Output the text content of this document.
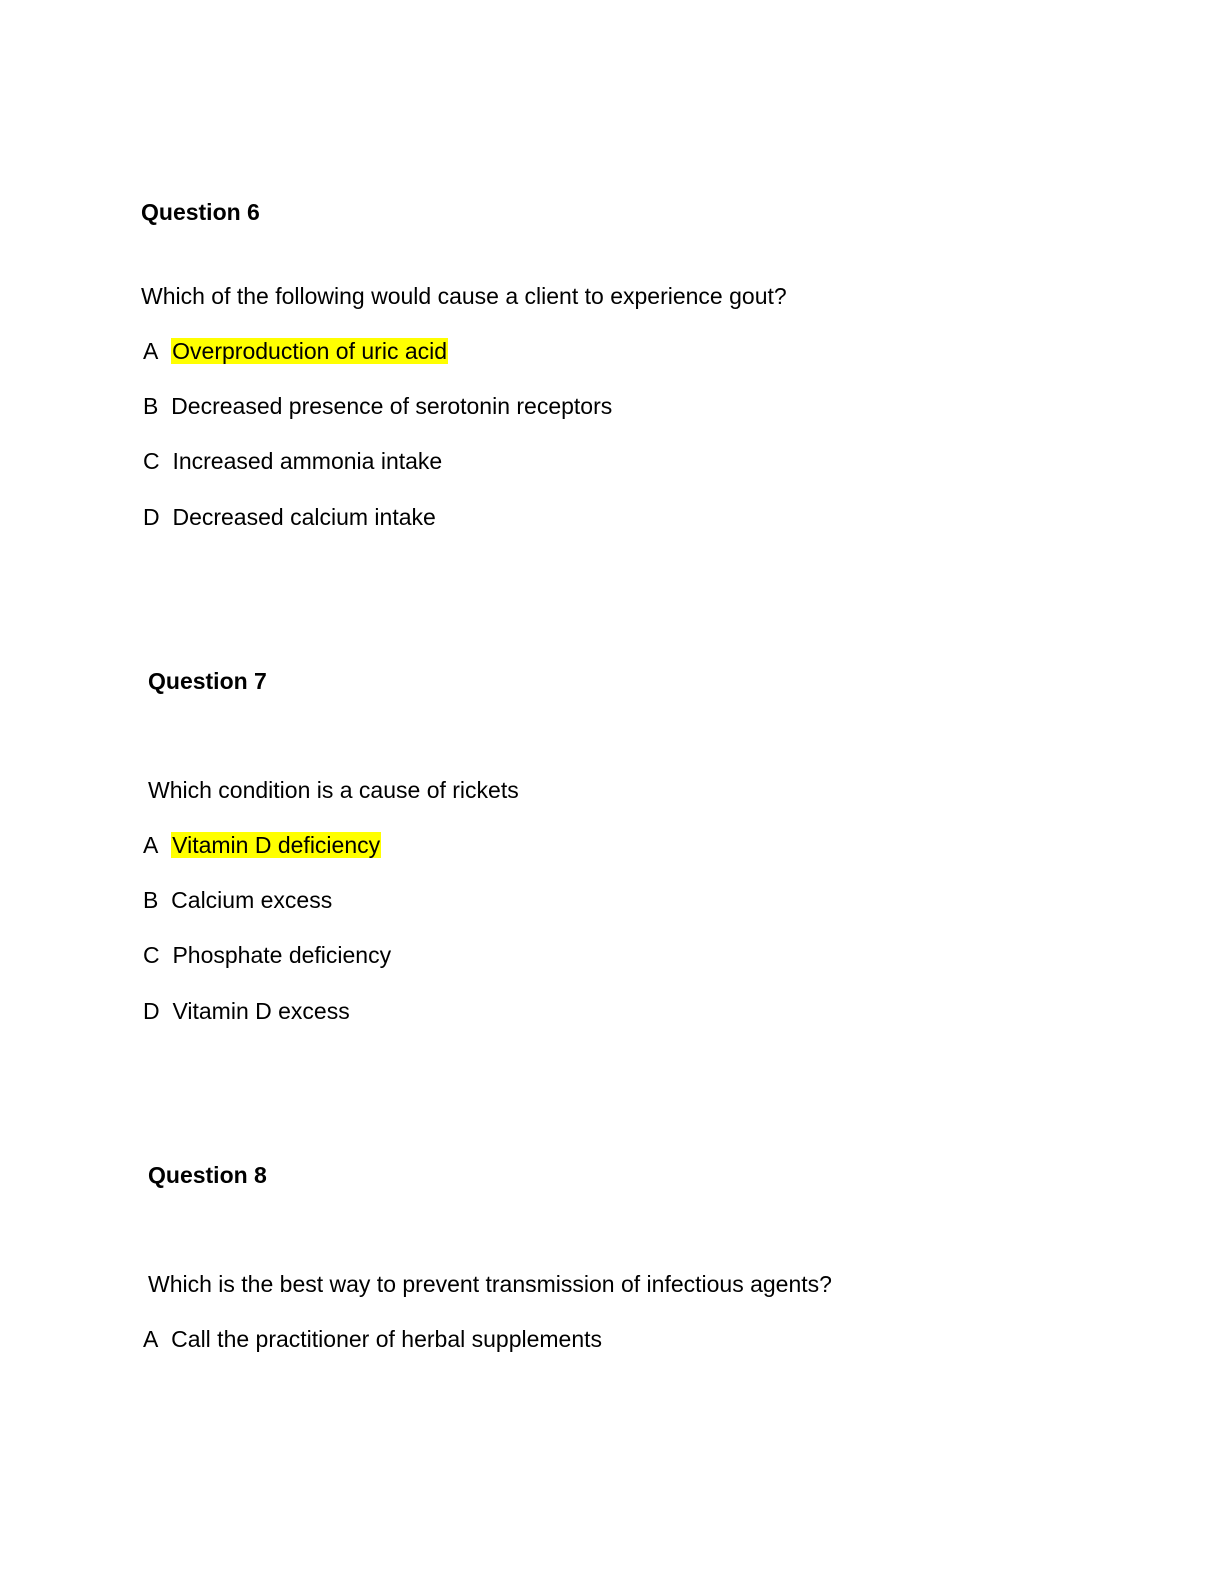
Question 6
Which of the following would cause a client to experience gout?
A Overproduction of uric acid
B Decreased presence of serotonin receptors
C Increased ammonia intake
D Decreased calcium intake
Question 7
Which condition is a cause of rickets
A Vitamin D deficiency
B Calcium excess
C Phosphate deficiency
D Vitamin D excess
Question 8
Which is the best way to prevent transmission of infectious agents?
A Call the practitioner of herbal supplements
